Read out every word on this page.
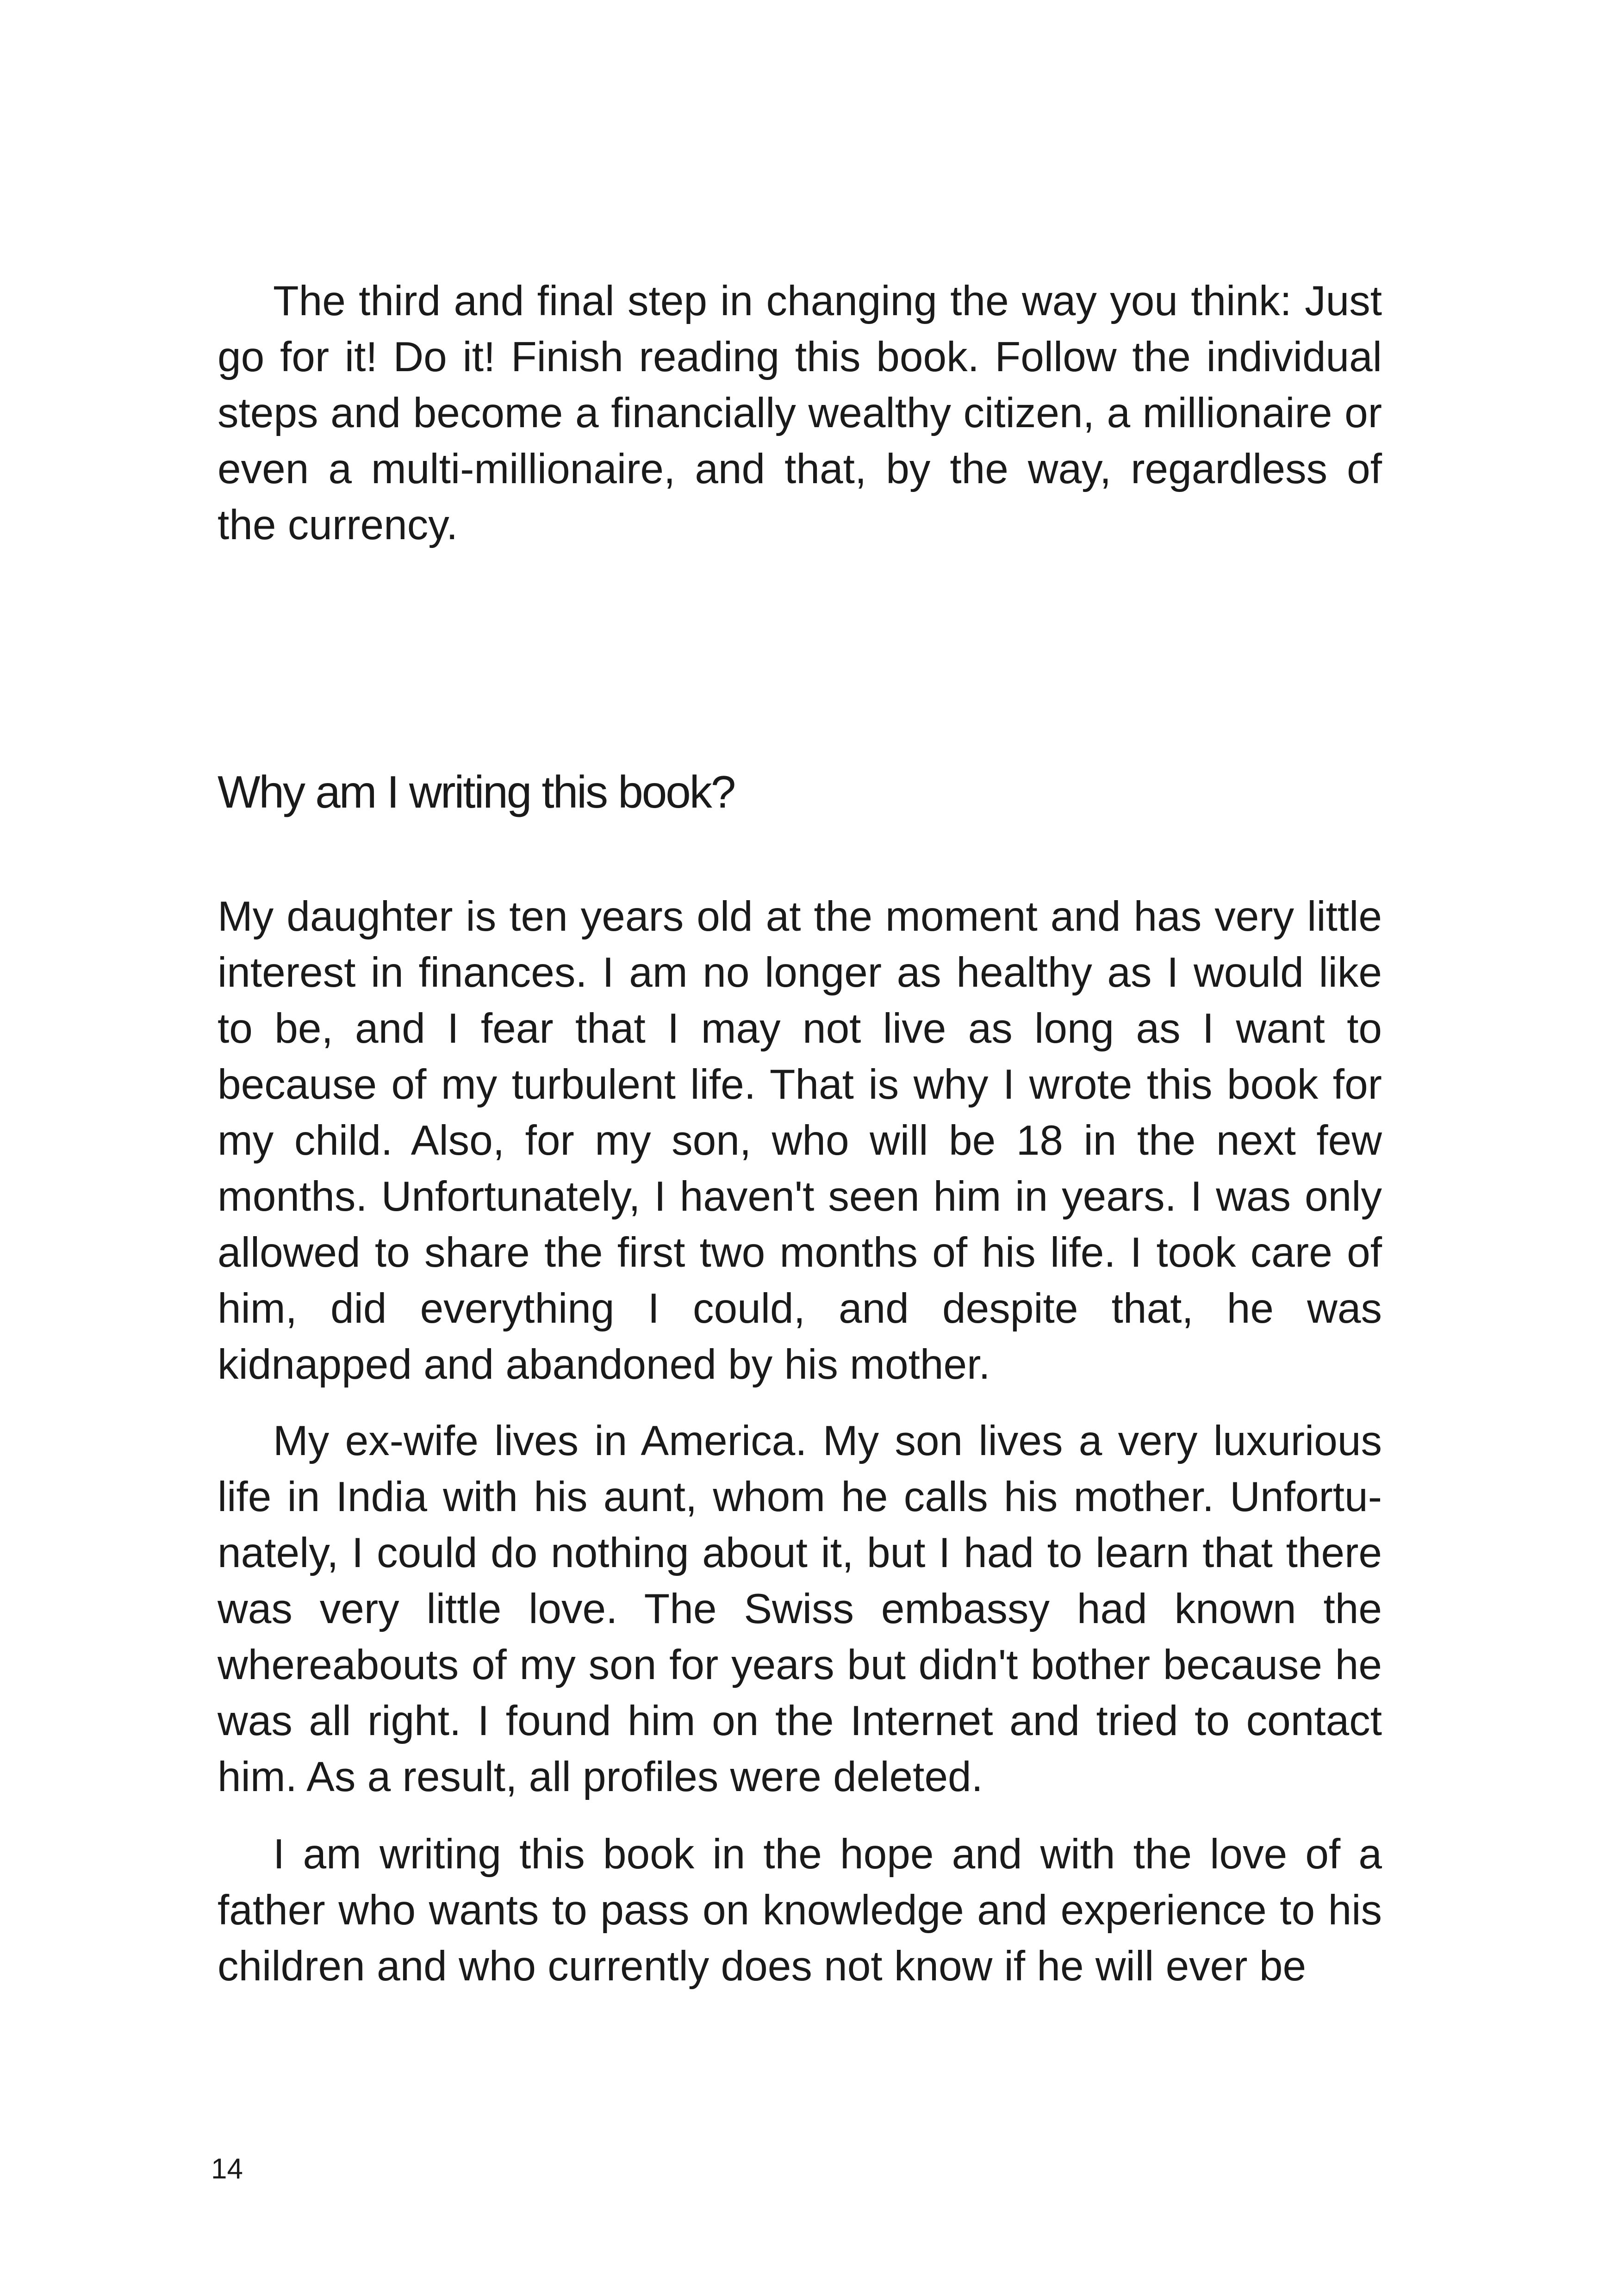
The third and final step in changing the way you think: Just go for it! Do it! Finish reading this book. Follow the individual steps and become a financially wealthy citizen, a millionaire or even a multi-millionaire, and that, by the way, regardless of the currency.

Why am I writing this book?

My daughter is ten years old at the moment and has very little interest in finances. I am no longer as healthy as I would like to be, and I fear that I may not live as long as I want to because of my turbulent life. That is why I wrote this book for my child. Also, for my son, who will be 18 in the next few months. Unfortunately, I haven't seen him in years. I was only allowed to share the first two months of his life. I took care of him, did everything I could, and despite that, he was kidnapped and abandoned by his mother.

My ex-wife lives in America. My son lives a very luxurious life in India with his aunt, whom he calls his mother. Unfortunately, I could do nothing about it, but I had to learn that there was very little love. The Swiss embassy had known the whereabouts of my son for years but didn't bother because he was all right. I found him on the Internet and tried to contact him. As a result, all profiles were deleted.

I am writing this book in the hope and with the love of a father who wants to pass on knowledge and experience to his children and who currently does not know if he will ever be

14
